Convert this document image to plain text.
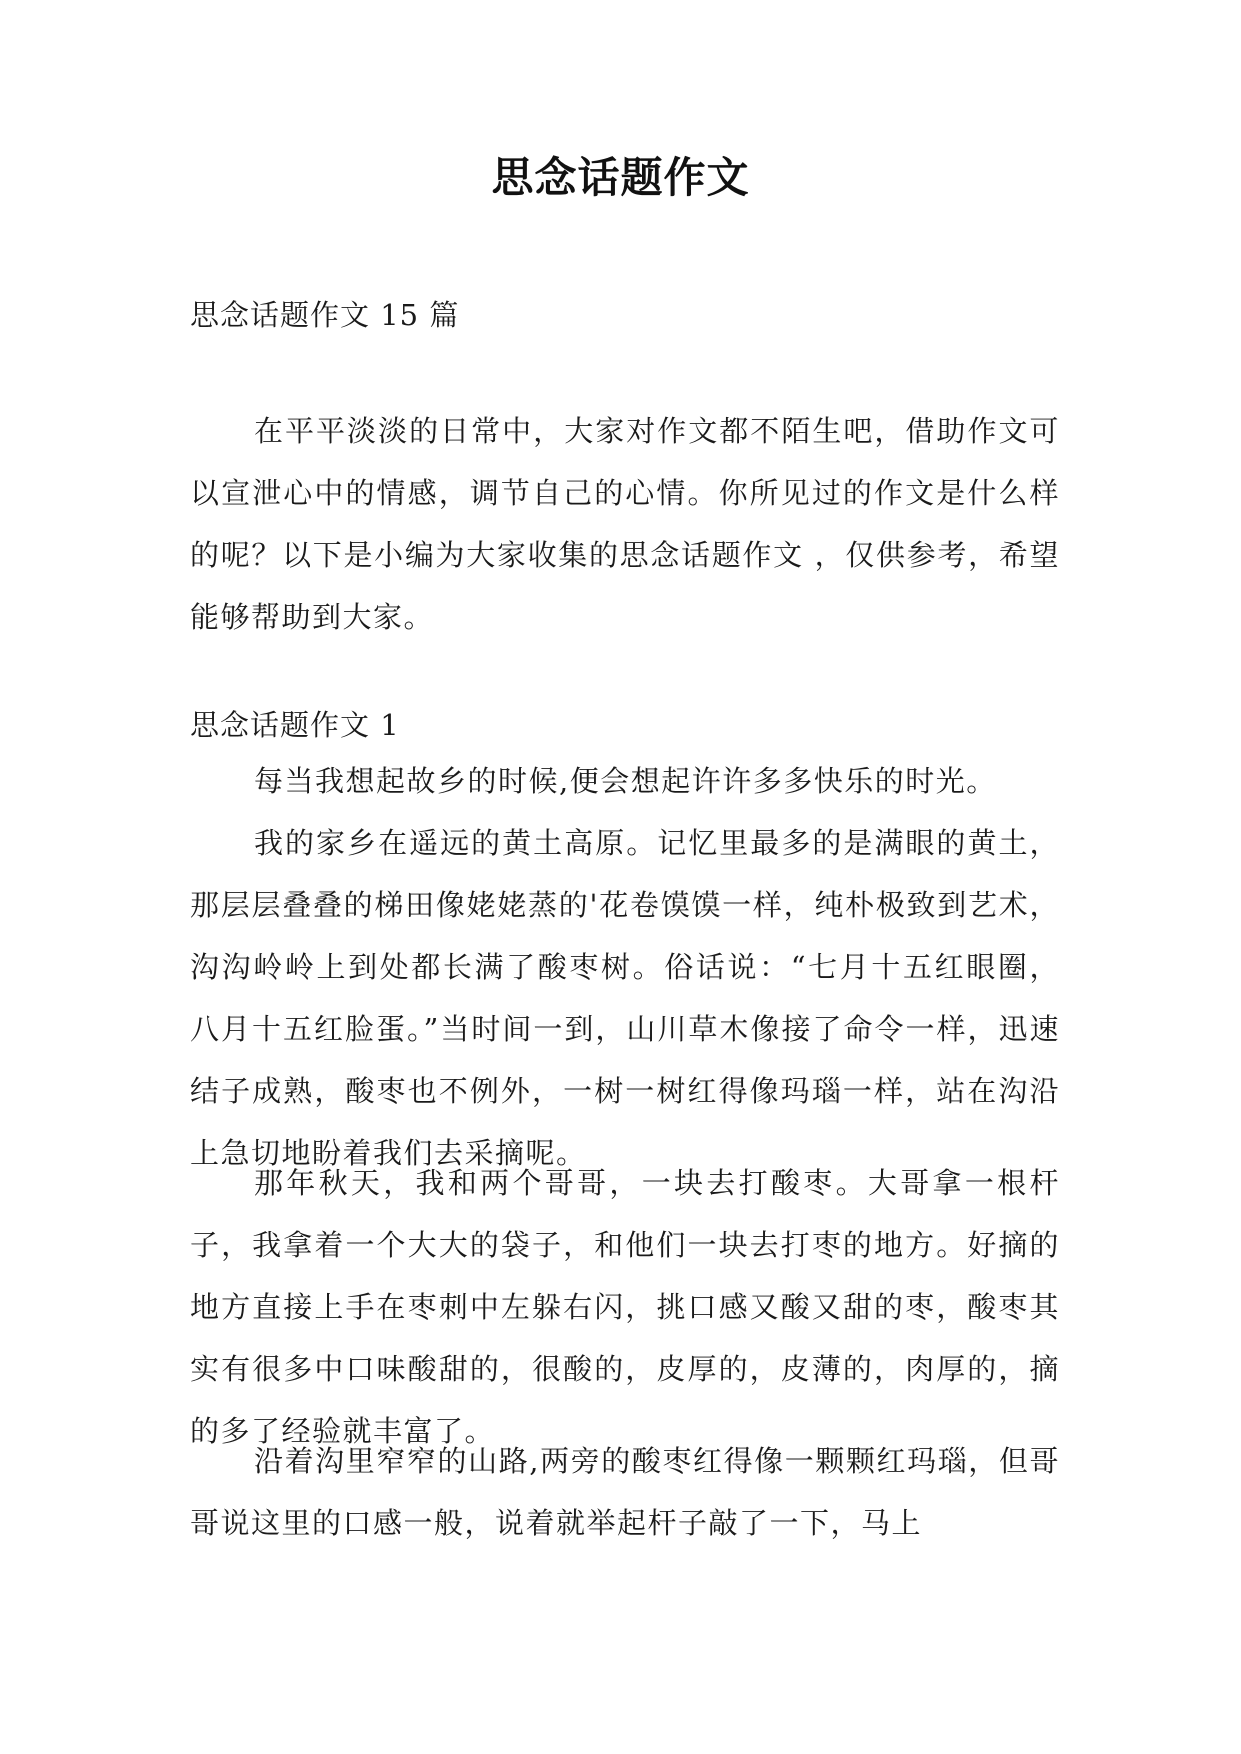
思念话题作文
思念话题作文 15 篇

在平平淡淡的日常中，大家对作文都不陌生吧，借助作文可以宣泄心中的情感，调节自己的心情。你所见过的作文是什么样的呢？以下是小编为大家收集的思念话题作文 ，仅供参考，希望能够帮助到大家。

思念话题作文 1

每当我想起故乡的时候,便会想起许许多多快乐的时光。

我的家乡在遥远的黄土高原。记忆里最多的是满眼的黄土，那层层叠叠的梯田像姥姥蒸的'花卷馍馍一样，纯朴极致到艺术，沟沟岭岭上到处都长满了酸枣树。俗话说：“七月十五红眼圈，八月十五红脸蛋。”当时间一到，山川草木像接了命令一样，迅速结子成熟，酸枣也不例外，一树一树红得像玛瑙一样，站在沟沿上急切地盼着我们去采摘呢。

那年秋天，我和两个哥哥，一块去打酸枣。大哥拿一根杆子，我拿着一个大大的袋子，和他们一块去打枣的地方。好摘的地方直接上手在枣刺中左躲右闪，挑口感又酸又甜的枣，酸枣其实有很多中口味酸甜的，很酸的，皮厚的，皮薄的，肉厚的，摘的多了经验就丰富了。

沿着沟里窄窄的山路,两旁的酸枣红得像一颗颗红玛瑙，但哥哥说这里的口感一般，说着就举起杆子敲了一下，马上
